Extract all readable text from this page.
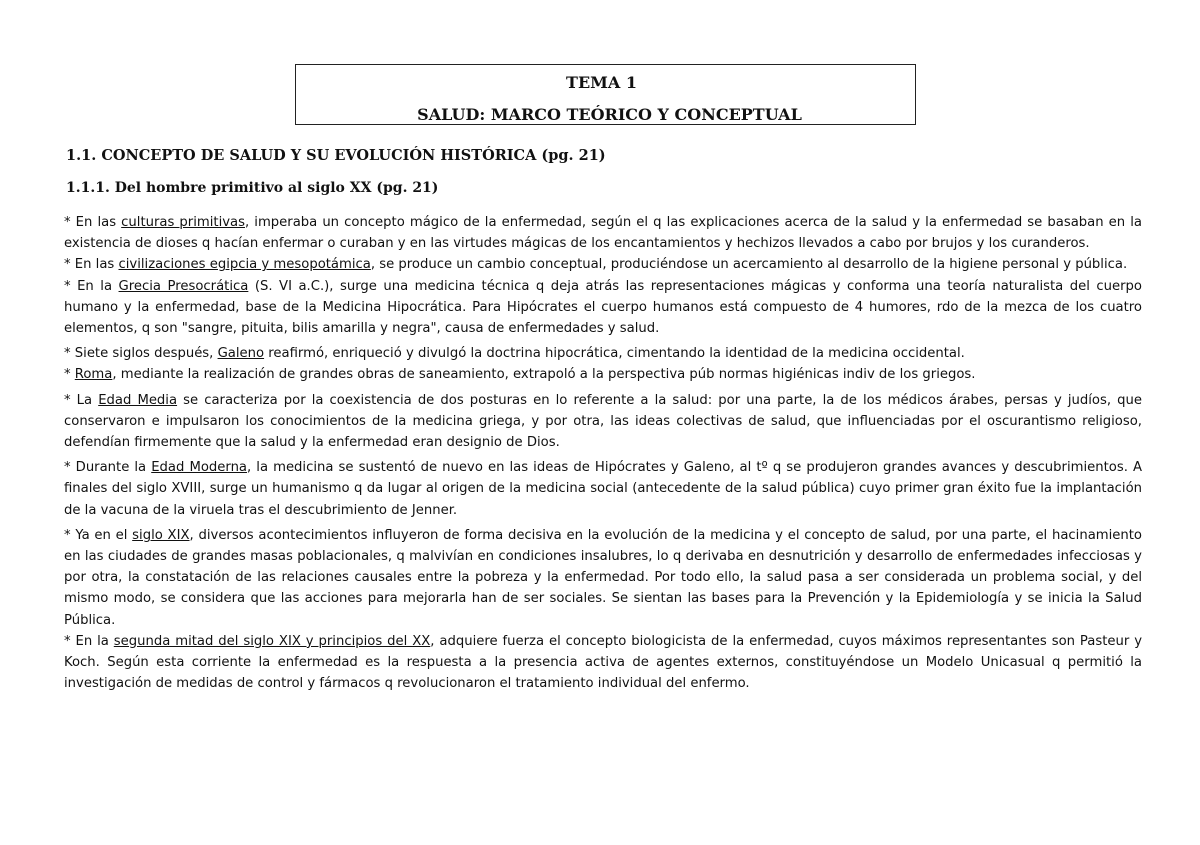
TEMA 1
SALUD: MARCO TEÓRICO Y CONCEPTUAL
1.1. CONCEPTO DE SALUD Y SU EVOLUCIÓN HISTÓRICA (pg. 21)
1.1.1. Del hombre primitivo al siglo XX (pg. 21)

* En las culturas primitivas, imperaba un concepto mágico de la enfermedad, según el q las explicaciones acerca de la salud y la enfermedad se basaban en la existencia de dioses q hacían enfermar o curaban y en las virtudes mágicas de los encantamientos y hechizos llevados a cabo por brujos y los curanderos.

* En las civilizaciones egipcia y mesopotámica, se produce un cambio conceptual, produciéndose un acercamiento al desarrollo de la higiene personal y pública.

* En la Grecia Presocrática (S. VI a.C.), surge una medicina técnica q deja atrás las representaciones mágicas y conforma una teoría naturalista del cuerpo humano y la enfermedad, base de la Medicina Hipocrática. Para Hipócrates el cuerpo humanos está compuesto de 4 humores, rdo de la mezca de los cuatro elementos, q son "sangre, pituita, bilis amarilla y negra", causa de enfermedades y salud.

* Siete siglos después, Galeno reafirmó, enriqueció y divulgó la doctrina hipocrática, cimentando la identidad de la medicina occidental.

* Roma, mediante la realización de grandes obras de saneamiento, extrapoló a la perspectiva púb normas higiénicas indiv de los griegos.

* La Edad Media se caracteriza por la coexistencia de dos posturas en lo referente a la salud: por una parte, la de los médicos árabes, persas y judíos, que conservaron e impulsaron los conocimientos de la medicina griega, y por otra, las ideas colectivas de salud, que influenciadas por el oscurantismo religioso, defendían firmemente que la salud y la enfermedad eran designio de Dios.

* Durante la Edad Moderna, la medicina se sustentó de nuevo en las ideas de Hipócrates y Galeno, al tº q se produjeron grandes avances y descubrimientos. A finales del siglo XVIII, surge un humanismo q da lugar al origen de la medicina social (antecedente de la salud pública) cuyo primer gran éxito fue la implantación de la vacuna de la viruela tras el descubrimiento de Jenner.

* Ya en el siglo XIX, diversos acontecimientos influyeron de forma decisiva en la evolución de la medicina y el concepto de salud, por una parte, el hacinamiento en las ciudades de grandes masas poblacionales, q malvivían en condiciones insalubres, lo q derivaba en desnutrición y desarrollo de enfermedades infecciosas y por otra, la constatación de las relaciones causales entre la pobreza y la enfermedad. Por todo ello, la salud pasa a ser considerada un problema social, y del mismo modo, se considera que las acciones para mejorarla han de ser sociales. Se sientan las bases para la Prevención y la Epidemiología y se inicia la Salud Pública.

* En la segunda mitad del siglo XIX y principios del XX, adquiere fuerza el concepto biologicista de la enfermedad, cuyos máximos representantes son Pasteur y Koch. Según esta corriente la enfermedad es la respuesta a la presencia activa de agentes externos, constituyéndose un Modelo Unicasual q permitió la investigación de medidas de control y fármacos q revolucionaron el tratamiento individual del enfermo.
